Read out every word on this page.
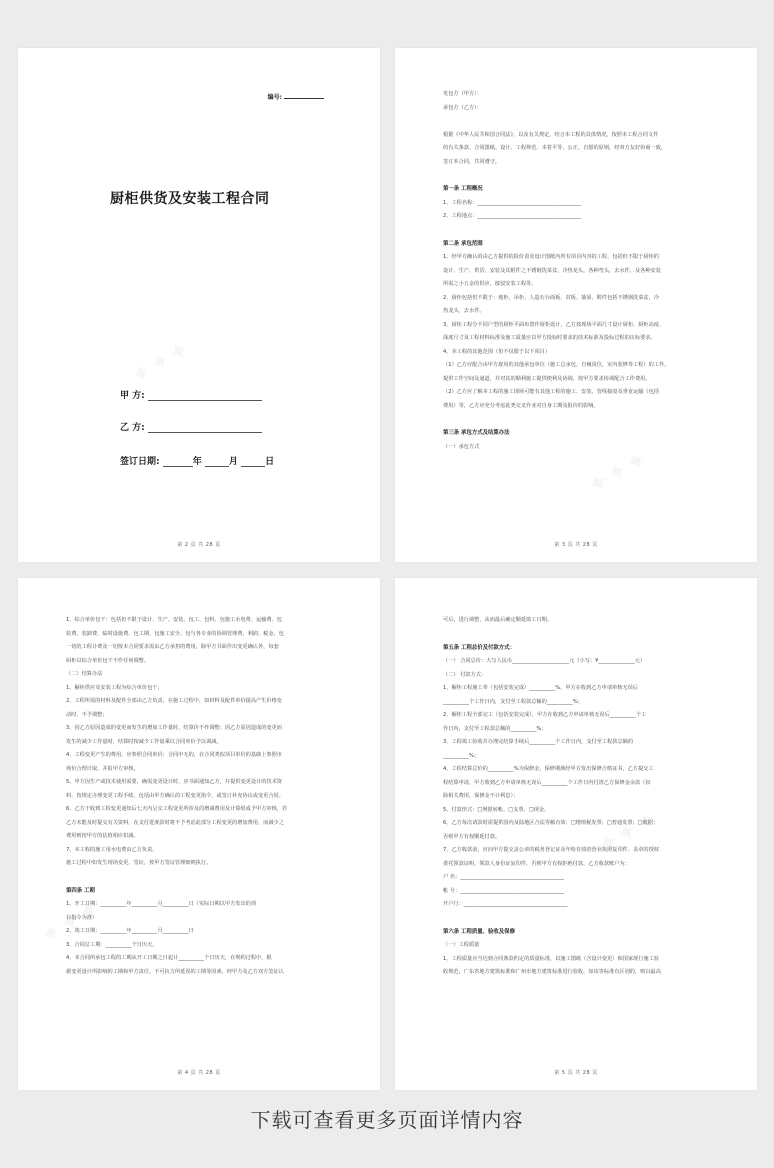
编号:
厨柜供货及安装工程合同
甲 方:
乙 方:
签订日期:	年	月	日
第 2 页 共 28 页
发包方（甲方）：
承包方（乙方）：
根据《中华人民共和国合同法》，以及有关规定，结合本工程的具体情况，按照本工程合同文件
的有关条款、合同图纸、设计、工程规范、本着平等、公正、自愿的原则，经双方友好协商一致，
签订本合同，共同遵守。
第一条 工程概况
1、工程名称：________________________________________
2、工程地点：________________________________________
第二条 承包范围
1、经甲方确认的由乙方提供的报价表及设计图纸内所有项目内容的工程，包括但不限于厨柜的
设计、生产、供货、安装及其附件之不锈钢洗菜盆，冷热龙头，各种弯头，去水件，及各种安装
所需之小五金的供应、接驳安装工程等。
2、厨柜包括但不限于：地柜、吊柜、人造石台面板、封板、抽屉、附件包括不锈钢洗菜盆，冷
热龙头，去水件。
3、厨柜工程分不同户型的厨柜平面布置作厨柜设计，乙方按现场平面尺寸设计厨柜，厨柜高度、
深度尺寸及工程材料标准及施工质量应以甲方投标时要求的技术标准及投标过程的议标要求。
4、本工程的其他范围（但不仅限于以下项目）
（1）乙方应配合由甲方雇用的其他承包单位（施工总承包，自械岗位，室内装修等工程）的工作，
提供工作空间及通道，并对其的顺利施工提供便利及协调，按甲方要求协调配合工作费用。
（2）乙方应了解本工程的施工现场可能有其他工程的施工、安装、管线接驳及垂直运输（包括
费用）等，乙方应充分考虑此类交叉作业对自身工期及报价的影响。
第三条 承包方式及结算办法
（一）承包方式
第 3 页 共 28 页
1、综合单价包干：包括但不限于设计、生产、安装、包工、包料、包施工水电费、运输费、包
装费、装卸费、临时设施费、包工期、包施工安全、包与各专业的协调管理费、利润、税金、包
一切的工程计费及一切按本合同要求需由乙方承担的费用，除甲方书面作出变更确认外，每套
厨柜以综合单价包干不作任何调整。
（二）结算办法
1、橱柜供应及安装工程为综合单价包干；
2、工程所需的材料及配件全部由乙方负责，在施工过程中，如材料及配件单价提高产生价格变
动时，不予调整；
3、因乙方原因造成的变更而发生的增加工作量时，结算价不作调整；因乙方原因造成的变更而
发生的减少工作量时，结算时按减少工作量乘以合同单价予以调减。
4、工程变更产生的费用，应参照合同单价；合同中无的，在合同类似项目单价的基础上参照市
场价合理计取，并报甲方审核。
5、甲方因生产或技术使用需要，确需变更设计时，应书面通知乙方，并提供变更设计的技术资
料，按规定办理变更工程手续，包括由甲方确认的工程变更指令，或签订补充协议或变更合同。
6、乙方于收到工程变更通知后七天内呈交工程变更所涉及的增减费用及计算组成予甲方审核，若
乙方未能及时提交有关资料，在支付进度款时将不予考虑此部分工程变更的增加费用，而减少之
费用则按甲方的估值相应扣减。
7、本工程的施工用水电费由乙方负责。
施工过程中如发生现场变更、签证，按甲方签证管理细则执行。
第四条 工期
1、开工日期：__________年__________月__________日（实际日期以甲方发出的项
目指令为准）
2、竣工日期：__________年__________月__________日
3、合同总工期：__________个日历天。
4、本合同所承包工程的工期从开工日期之日起计__________个日历天，在规约过程中，根
据变更设计所影响的工期和甲方责任，不可抗力所延误的工期等因素，经甲方及乙方双方签证认
第 4 页 共 28 页
可后，进行调整，从而最后确定顺延竣工日期。
第五条 工程总价及付款方式：
（一） 合同总价：大写人民币______________________元（小写：¥______________元）
（二） 付款方式：
1、橱柜工程施工率（包括安装完成）__________%，甲方在收到乙方申请单核无误后
__________个工作日内，支付至工程款总额的__________%；
2、橱柜工程全部完工（包括安装完成），甲方在收到乙方申请单核无误后__________个工
作日内，支付至工程款总额的__________%；
3、工程竣工验收并办理完结算手续后__________个工作日内，支付至工程款总额的
__________%；
4、工程结算总价的__________%为保修金，保修期满经甲方发出保修合格证书，乙方提交工
程结算申请，甲方收到乙方申请单核无误后__________个工作日内付清乙方保修金余款（扣
除相关费用，保修金不计利息）；
5、付款形式：□网银转帐、□支票、□现金。
6、乙方每次请款时需提供国内及陆地区合法等额有效：□增值税发票；□普通发票；□收据；
否则甲方有权顺延付款。
7、乙方收款前，应向甲方提交盖公章的税务登记证及年检有效的营业执照复印件、盖章的授权
委托领款证明、领款人身份证复印件，否则甲方有权拒绝付款。乙方收款账户为：
户 名：________________________________________
帐 号：________________________________________
开户行：________________________________________
第六条 工程质量、验收及保修
（一）工程质量
1、工程质量应当达到合同条款约定的质量标准，以施工图纸（含设计变更）和国家现行施工验
收规范，广东省地方建筑标准和广州市地方建筑标准进行验收，如该等标准有区别的，则以最高
第 5 页 共 28 页
下载可查看更多页面详情内容
